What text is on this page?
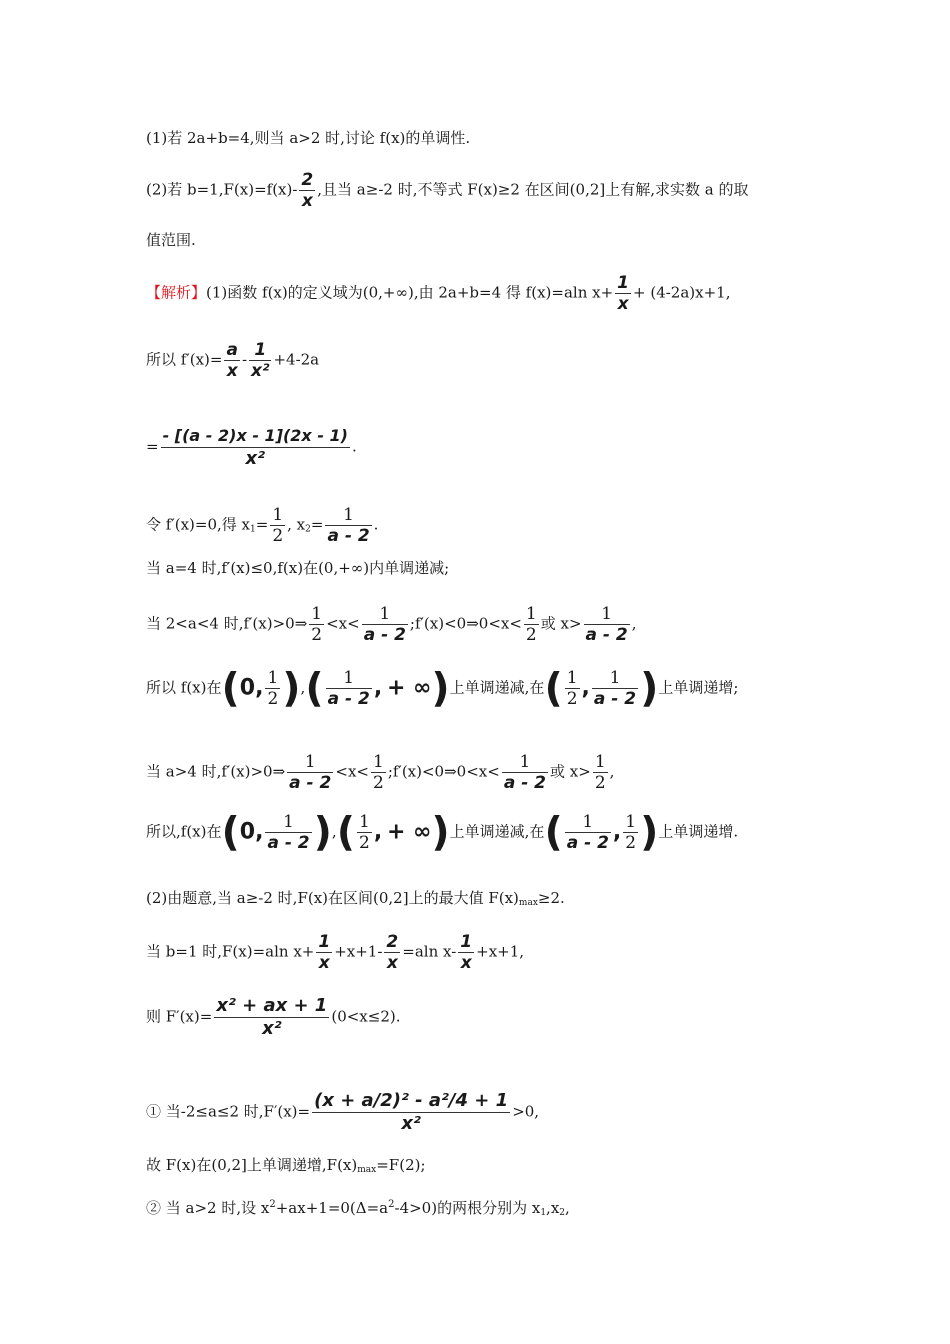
(1)若 2a+b=4,则当 a>2 时,讨论 f(x)的单调性.
(2)若 $b=1,F(x)=f(x)- \frac{2}{x}$ ,且当 a≥-2 时,不等式 F(x)≥2 在区间(0,2]上有解,求实数 a 的取
值范围.
【解析】(1)函数 f(x)的定义域为(0,+∞),由 2a+b=4 得 f(x)=aln $x+ \frac{1}{x} + (4-2a)x+1$,
所以 $f'(x)= \frac{a}{x} - \frac{1}{\text{x²}} +4-2a$
= $\frac{- [(a - 2)x - 1](2x - 1)}{\text{x²}}$ .
令 f′(x)=0,得 $x_1= \frac{1}{2}$ , $x_2= \frac{1}{a - 2}$ .
当 a=4 时,f′(x)≤0,f(x)在(0,+∞)内单调递减;
当 2<a<4 时,f′(x)>0⇒ $\frac{1}{2} <x< \frac{1}{a - 2}$ ;f′(x)<0⇒0<x< $\frac{1}{2}$ 或 $x> \frac{1}{a - 2}$ ,
所以 f(x)在(0, $\frac{1}{2}$ ),( $\frac{1}{a - 2}$ , + ∞)上单调递减,在( $\frac{1}{2}$ , $\frac{1}{a - 2}$ )上单调递增;
当 a>4 时,f′(x)>0⇒ $\frac{1}{a - 2} <x< \frac{1}{2}$ ;f′(x)<0⇒0<x< $\frac{1}{a - 2}$ 或 $x> \frac{1}{2}$ ,
所以,f(x)在(0, $\frac{1}{a - 2}$ ),( $\frac{1}{2}$ , + ∞)上单调递减,在( $\frac{1}{a - 2}$ , $\frac{1}{2}$ )上单调递增.
(2)由题意,当 a≥-2 时,F(x)在区间(0,2]上的最大值 $F(x)_{max}\ge 2$.
当 b=1 时,F(x)=aln $x+ \frac{1}{x} +x+1- \frac{2}{x} =aln$ $x- \frac{1}{x} +x+1$,
则 $F'(x)= \frac{\text{x² + ax + 1}}{\text{x²}} (0<x\le 2)$.
① 当-2≤a≤2 时$,F'(x)= \frac{\text{(x + a/2)² - a²/4 + 1}}{\text{x²}} >0$,
故 F(x)在(0,2]上单调递增$,F(x)_{max}=F(2)$;
② 当 a>2 时,设 $x^2+ax+1=0(\Delta=a^2-4>0)$的两根分别为 $x_1,x_2$,
